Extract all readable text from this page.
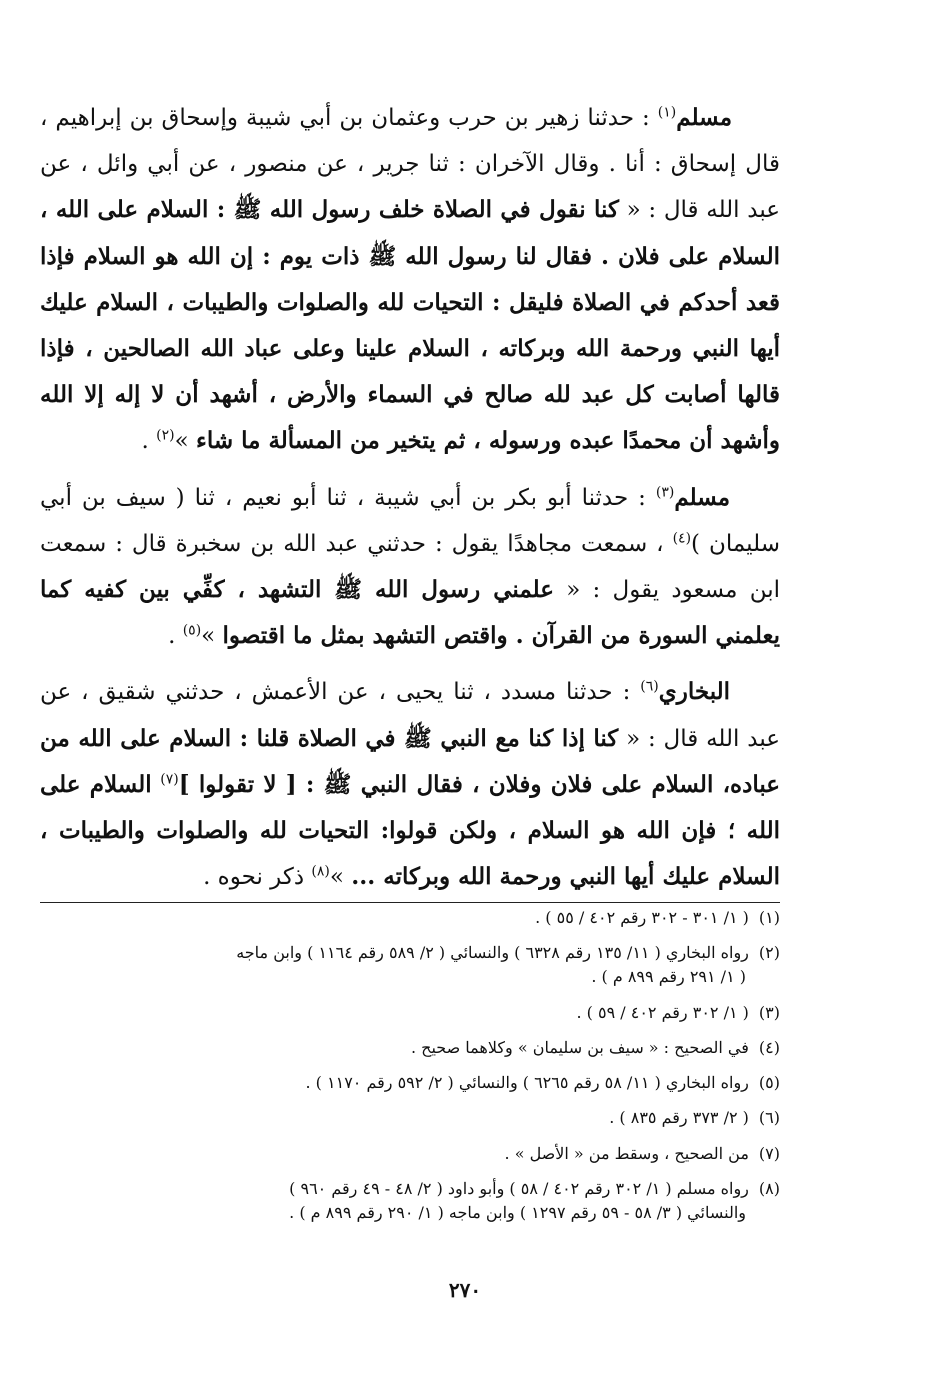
مسلم$^{(١)}$ : حدثنا زهير بن حرب وعثمان بن أبي شيبة وإسحاق بن إبراهيم ، قال إسحاق : أنا . وقال الآخران : ثنا جرير ، عن منصور ، عن أبي وائل ، عن عبد الله قال : « كنا نقول في الصلاة خلف رسول الله ﷺ : السلام على الله ، السلام على فلان . فقال لنا رسول الله ﷺ ذات يوم : إن الله هو السلام فإذا قعد أحدكم في الصلاة فليقل : التحيات لله والصلوات والطيبات ، السلام عليك أيها النبي ورحمة الله وبركاته ، السلام علينا وعلى عباد الله الصالحين ، فإذا قالها أصابت كل عبد لله صالح في السماء والأرض ، أشهد أن لا إله إلا الله وأشهد أن محمدًا عبده ورسوله ، ثم يتخير من المسألة ما شاء »$^{(٢)}$ .

مسلم$^{(٣)}$ : حدثنا أبو بكر بن أبي شيبة ، ثنا أبو نعيم ، ثنا ( سيف بن أبي سليمان )$^{(٤)}$ ، سمعت مجاهدًا يقول : حدثني عبد الله بن سخبرة قال : سمعت ابن مسعود يقول : « علمني رسول الله ﷺ التشهد ، كفِّي بين كفيه كما يعلمني السورة من القرآن . واقتص التشهد بمثل ما اقتصوا »$^{(٥)}$ .

البخاري$^{(٦)}$ : حدثنا مسدد ، ثنا يحيى ، عن الأعمش ، حدثني شقيق ، عن عبد الله قال : « كنا إذا كنا مع النبي ﷺ في الصلاة قلنا : السلام على الله من عباده، السلام على فلان وفلان ، فقال النبي ﷺ : [ لا تقولوا ]$^{(٧)}$ السلام على الله ؛ فإن الله هو السلام ، ولكن قولوا: التحيات لله والصلوات والطيبات ، السلام عليك أيها النبي ورحمة الله وبركاته ... »$^{(٨)}$ ذكر نحوه .

(١) ( ١/ ٣٠١ - ٣٠٢ رقم ٤٠٢ / ٥٥ ) .
(٢) رواه البخاري ( ١١/ ١٣٥ رقم ٦٣٢٨ ) والنسائي ( ٢/ ٥٨٩ رقم ١١٦٤ ) وابن ماجه
( ١/ ٢٩١ رقم ٨٩٩ م ) .
(٣) ( ١/ ٣٠٢ رقم ٤٠٢ / ٥٩ ) .
(٤) في الصحيح : « سيف بن سليمان » وكلاهما صحيح .
(٥) رواه البخاري ( ١١/ ٥٨ رقم ٦٢٦٥ ) والنسائي ( ٢/ ٥٩٢ رقم ١١٧٠ ) .
(٦) ( ٢/ ٣٧٣ رقم ٨٣٥ ) .
(٧) من الصحيح ، وسقط من « الأصل » .
(٨) رواه مسلم ( ١/ ٣٠٢ رقم ٤٠٢ / ٥٨ ) وأبو داود ( ٢/ ٤٨ - ٤٩ رقم ٩٦٠ )
والنسائي ( ٣/ ٥٨ - ٥٩ رقم ١٢٩٧ ) وابن ماجه ( ١/ ٢٩٠ رقم ٨٩٩ م ) .
٢٧٠
